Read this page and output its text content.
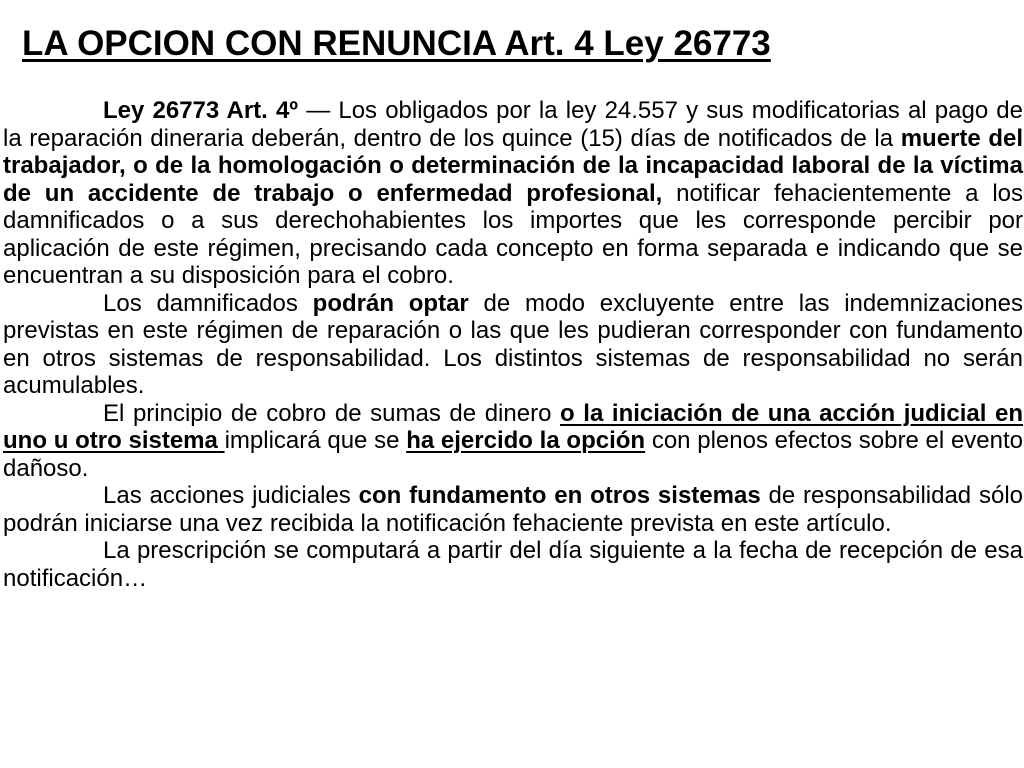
LA OPCION CON RENUNCIA Art. 4 Ley 26773

Ley 26773 Art. 4º — Los obligados por la ley 24.557 y sus modificatorias al pago de la reparación dineraria deberán, dentro de los quince (15) días de notificados de la muerte del trabajador, o de la homologación o determinación de la incapacidad laboral de la víctima de un accidente de trabajo o enfermedad profesional, notificar fehacientemente a los damnificados o a sus derechohabientes los importes que les corresponde percibir por aplicación de este régimen, precisando cada concepto en forma separada e indicando que se encuentran a su disposición para el cobro.

Los damnificados podrán optar de modo excluyente entre las indemnizaciones previstas en este régimen de reparación o las que les pudieran corresponder con fundamento en otros sistemas de responsabilidad. Los distintos sistemas de responsabilidad no serán acumulables.

El principio de cobro de sumas de dinero o la iniciación de una acción judicial en uno u otro sistema implicará que se ha ejercido la opción con plenos efectos sobre el evento dañoso.

Las acciones judiciales con fundamento en otros sistemas de responsabilidad sólo podrán iniciarse una vez recibida la notificación fehaciente prevista en este artículo.

La prescripción se computará a partir del día siguiente a la fecha de recepción de esa notificación…
